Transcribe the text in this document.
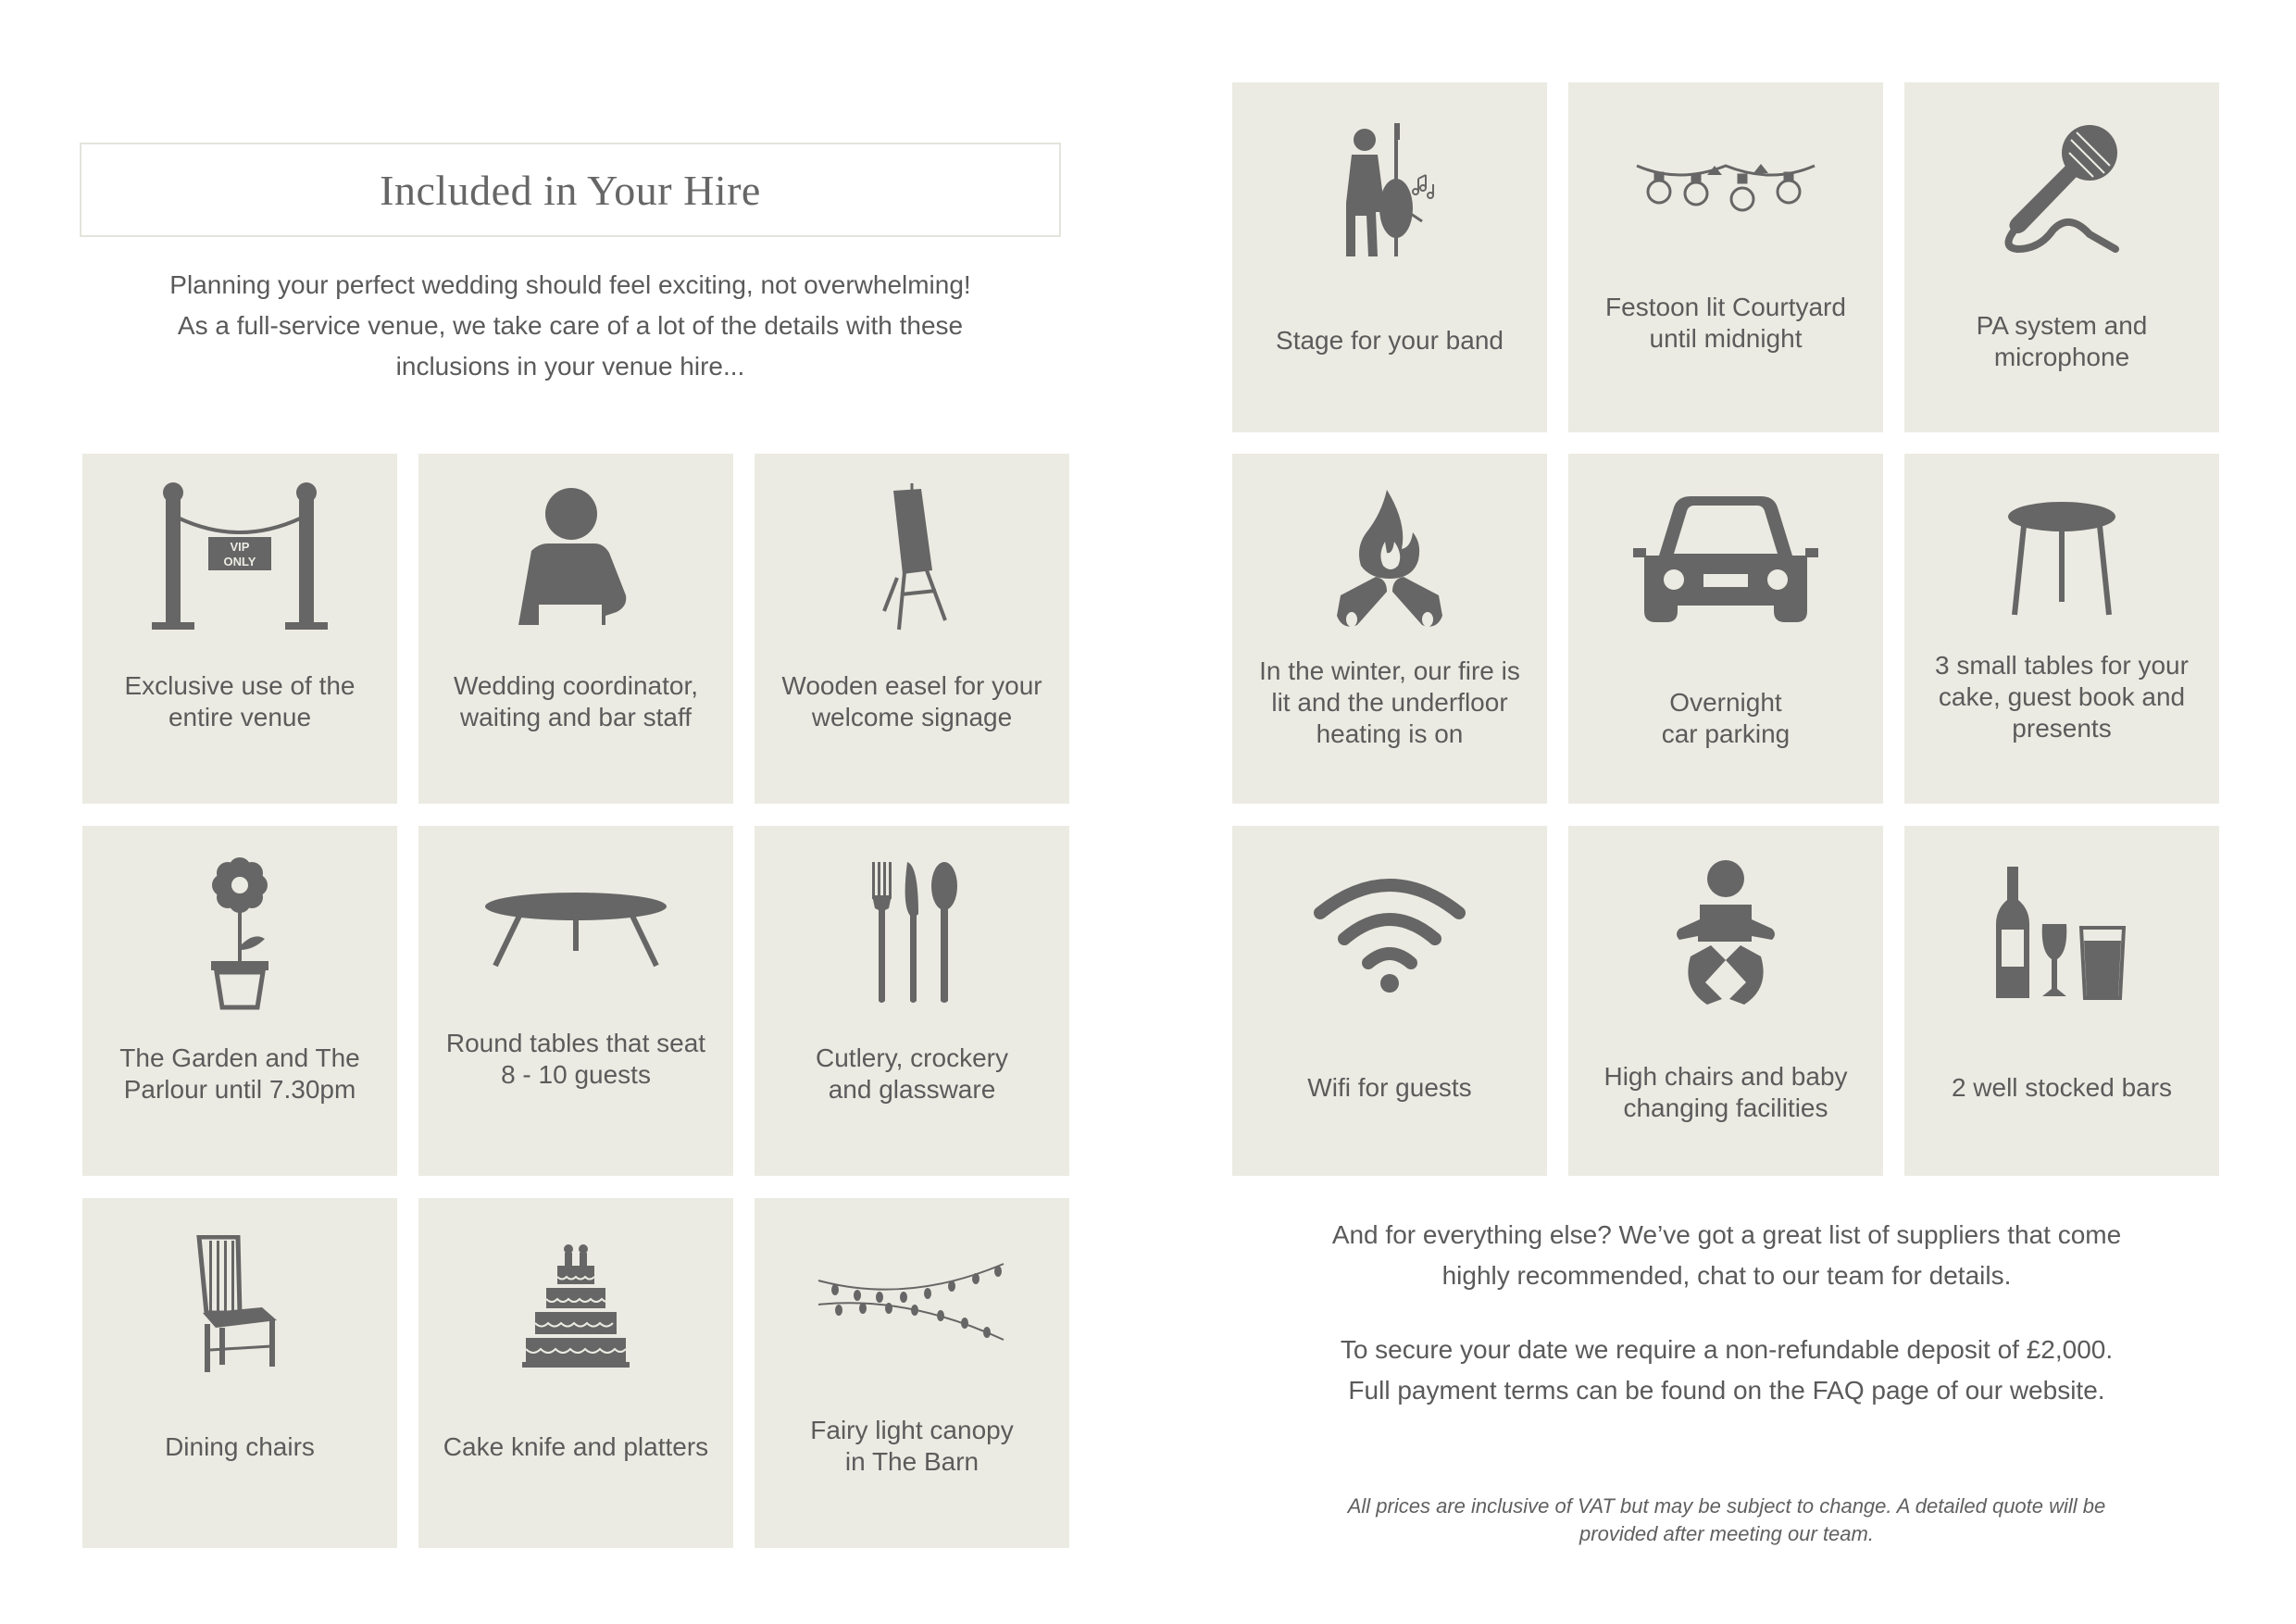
Included in Your Hire

Planning your perfect wedding should feel exciting, not overwhelming!

As a full-service venue, we take care of a lot of the details with these

inclusions in your venue hire...

VIP
ONLY
Exclusive use of the
entire venue
Wedding coordinator,
waiting and bar staff
Wooden easel for your
welcome signage
The Garden and The
Parlour until 7.30pm
Round tables that seat
8 - 10 guests
Cutlery, crockery
and glassware
Dining chairs	Cake knife and platters
Fairy light canopy
in The Barn
Stage for your band
Festoon lit Courtyard
until midnight	PA system and
microphone
In the winter, our fire is
lit and the underfloor
heating is on
Overnight
car parking
3 small tables for your
cake, guest book and
presents
Wifi for guests	High chairs and baby
changing facilities
2 well stocked bars

And for everything else? We’ve got a great list of suppliers that come

highly recommended, chat to our team for details.

To secure your date we require a non-refundable deposit of £2,000.

Full payment terms can be found on the FAQ page of our website.

All prices are inclusive of VAT but may be subject to change. A detailed quote will be

provided after meeting our team.
